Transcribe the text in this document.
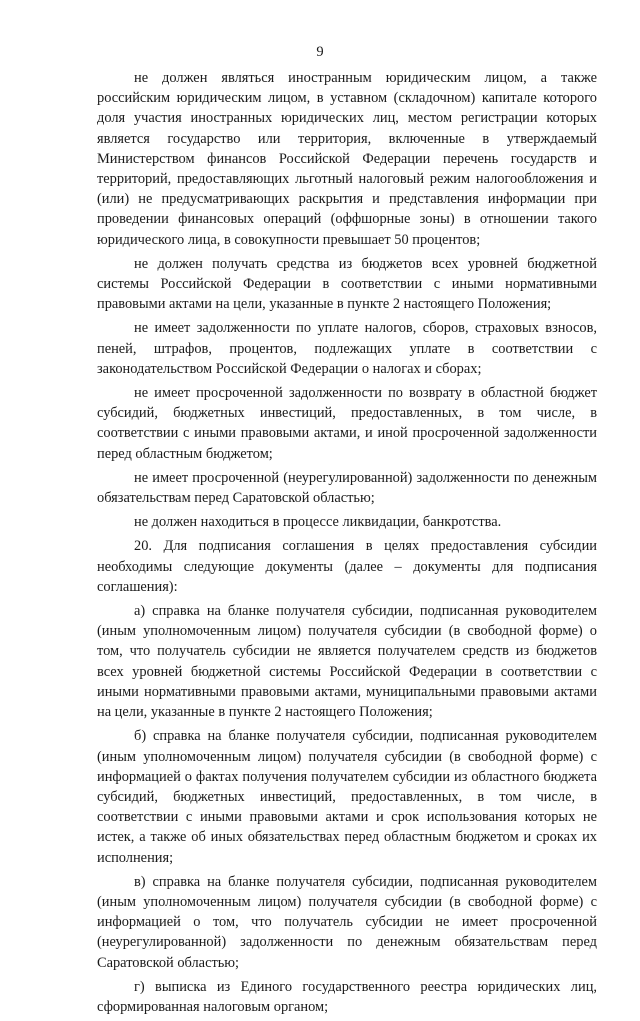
9

не должен являться иностранным юридическим лицом, а также российским юридическим лицом, в уставном (складочном) капитале которого доля участия иностранных юридических лиц, местом регистрации которых является государство или территория, включенные в утверждаемый Министерством финансов Российской Федерации перечень государств и территорий, предоставляющих льготный налоговый режим налогообложения и (или) не предусматривающих раскрытия и представления информации при проведении финансовых операций (оффшорные зоны) в отношении такого юридического лица, в совокупности превышает 50 процентов;

не должен получать средства из бюджетов всех уровней бюджетной системы Российской Федерации в соответствии с иными нормативными правовыми актами на цели, указанные в пункте 2 настоящего Положения;

не имеет задолженности по уплате налогов, сборов, страховых взносов, пеней, штрафов, процентов, подлежащих уплате в соответствии с законодательством Российской Федерации о налогах и сборах;

не имеет просроченной задолженности по возврату в областной бюджет субсидий, бюджетных инвестиций, предоставленных, в том числе, в соответствии с иными правовыми актами, и иной просроченной задолженности перед областным бюджетом;

не имеет просроченной (неурегулированной) задолженности по денежным обязательствам перед Саратовской областью;

не должен находиться в процессе ликвидации, банкротства.

20. Для подписания соглашения в целях предоставления субсидии необходимы следующие документы (далее – документы для подписания соглашения):

а) справка на бланке получателя субсидии, подписанная руководителем (иным уполномоченным лицом) получателя субсидии (в свободной форме) о том, что получатель субсидии не является получателем средств из бюджетов всех уровней бюджетной системы Российской Федерации в соответствии с иными нормативными правовыми актами, муниципальными правовыми актами на цели, указанные в пункте 2 настоящего Положения;

б) справка на бланке получателя субсидии, подписанная руководителем (иным уполномоченным лицом) получателя субсидии (в свободной форме) с информацией о фактах получения получателем субсидии из областного бюджета субсидий, бюджетных инвестиций, предоставленных, в том числе, в соответствии с иными правовыми актами и срок использования которых не истек, а также об иных обязательствах перед областным бюджетом и сроках их исполнения;

в) справка на бланке получателя субсидии, подписанная руководителем (иным уполномоченным лицом) получателя субсидии (в свободной форме) с информацией о том, что получатель субсидии не имеет просроченной (неурегулированной) задолженности по денежным обязательствам перед Саратовской областью;

г) выписка из Единого государственного реестра юридических лиц, сформированная налоговым органом;
